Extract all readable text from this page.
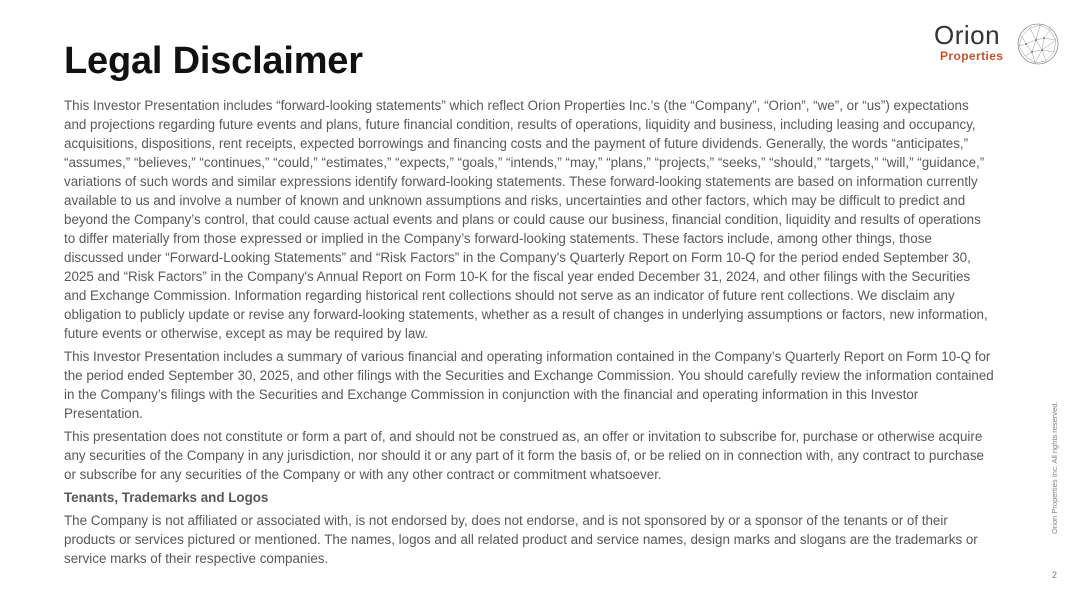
Legal Disclaimer
Orion
Properties

This Investor Presentation includes “forward-looking statements” which reflect Orion Properties Inc.’s (the “Company”, “Orion”, “we”, or “us”) expectations and projections regarding future events and plans, future financial condition, results of operations, liquidity and business, including leasing and occupancy, acquisitions, dispositions, rent receipts, expected borrowings and financing costs and the payment of future dividends. Generally, the words “anticipates,” “assumes,” “believes,” “continues,” “could,” “estimates,” “expects,” “goals,” “intends,” “may,” “plans,” “projects,” “seeks,” “should,” “targets,” “will,” “guidance,” variations of such words and similar expressions identify forward-looking statements. These forward-looking statements are based on information currently available to us and involve a number of known and unknown assumptions and risks, uncertainties and other factors, which may be difficult to predict and beyond the Company’s control, that could cause actual events and plans or could cause our business, financial condition, liquidity and results of operations to differ materially from those expressed or implied in the Company’s forward-looking statements. These factors include, among other things, those discussed under “Forward-Looking Statements” and “Risk Factors” in the Company's Quarterly Report on Form 10-Q for the period ended September 30, 2025 and “Risk Factors” in the Company's Annual Report on Form 10-K for the fiscal year ended December 31, 2024, and other filings with the Securities and Exchange Commission. Information regarding historical rent collections should not serve as an indicator of future rent collections. We disclaim any obligation to publicly update or revise any forward-looking statements, whether as a result of changes in underlying assumptions or factors, new information, future events or otherwise, except as may be required by law.

This Investor Presentation includes a summary of various financial and operating information contained in the Company’s Quarterly Report on Form 10-Q for the period ended September 30, 2025, and other filings with the Securities and Exchange Commission. You should carefully review the information contained in the Company’s filings with the Securities and Exchange Commission in conjunction with the financial and operating information in this Investor Presentation.

This presentation does not constitute or form a part of, and should not be construed as, an offer or invitation to subscribe for, purchase or otherwise acquire any securities of the Company in any jurisdiction, nor should it or any part of it form the basis of, or be relied on in connection with, any contract to purchase or subscribe for any securities of the Company or with any other contract or commitment whatsoever.

Tenants, Trademarks and Logos

The Company is not affiliated or associated with, is not endorsed by, does not endorse, and is not sponsored by or a sponsor of the tenants or of their products or services pictured or mentioned. The names, logos and all related product and service names, design marks and slogans are the trademarks or service marks of their respective companies.

Orion Properties Inc. All rights reserved.
2
